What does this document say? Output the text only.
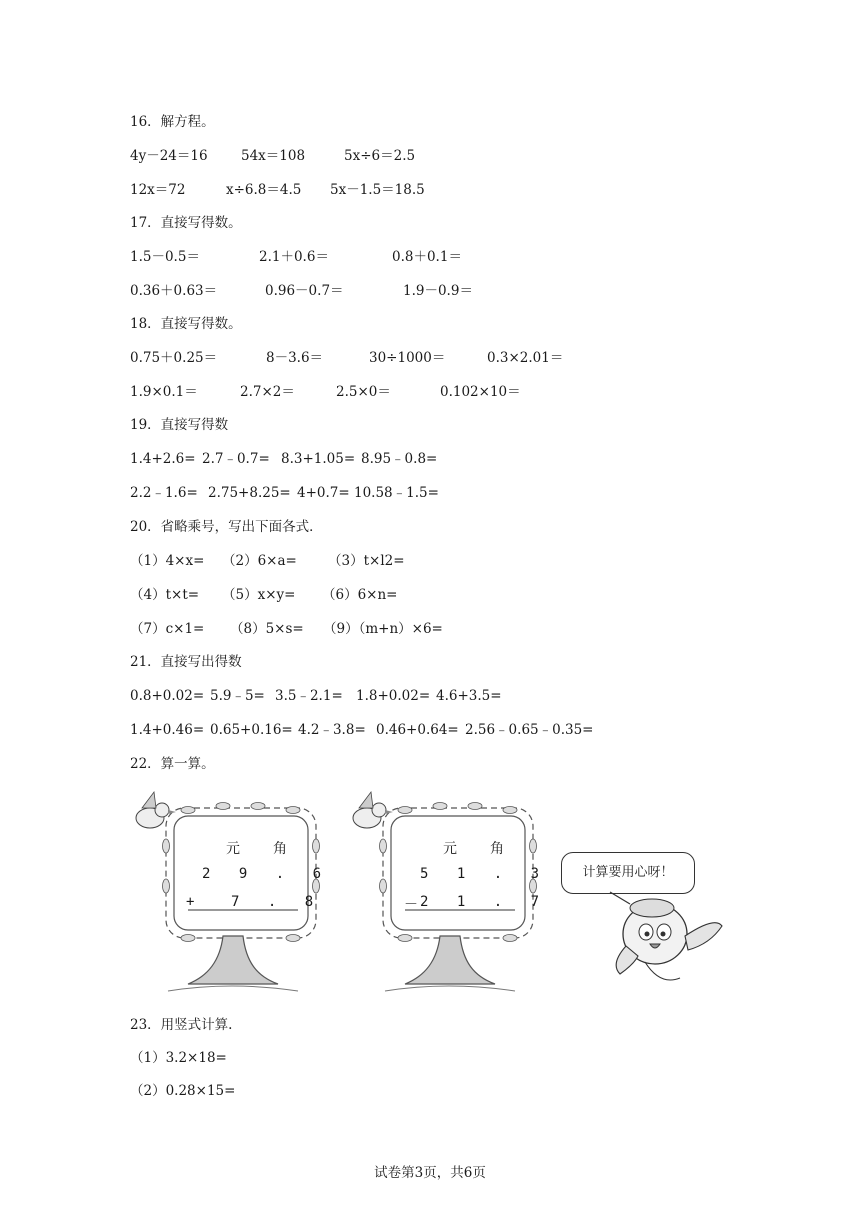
16．解方程。
4y－24＝16 54x＝108	5x÷6＝2.5
12x＝72	x÷6.8＝4.5 5x－1.5＝18.5
17．直接写得数。
1.5－0.5＝	2.1＋0.6＝	0.8＋0.1＝
0.36＋0.63＝	0.96－0.7＝	1.9－0.9＝
18．直接写得数。
0.75＋0.25＝	8－3.6＝	30÷1000＝	0.3×2.01＝
1.9×0.1＝	2.7×2＝	2.5×0＝	0.102×10＝
19．直接写得数
1.4+2.6= 2.7﹣0.7= 8.3+1.05= 8.95﹣0.8=
2.2﹣1.6= 2.75+8.25= 4+0.7= 10.58﹣1.5=
20．省略乘号，写出下面各式．
（1）4×x= （2）6×a= （3）t×l2=
（4）t×t= （5）x×y= （6）6×n=
（7）c×1= （8）5×s= （9）（m+n）×6=
21．直接写出得数
0.8+0.02= 5.9﹣5= 3.5﹣2.1= 1.8+0.02= 4.6+3.5=
1.4+0.46= 0.65+0.16= 4.2﹣3.8= 0.46+0.64= 2.56﹣0.65﹣0.35=
22．算一算。
元 角
2 9 . 6
+	7 . 8
元 角
5 1 . 3
－ 2 1 . 7
计算要用心呀！
23．用竖式计算.
（1）3.2×18=
（2）0.28×15=
试卷第3页，共6页
